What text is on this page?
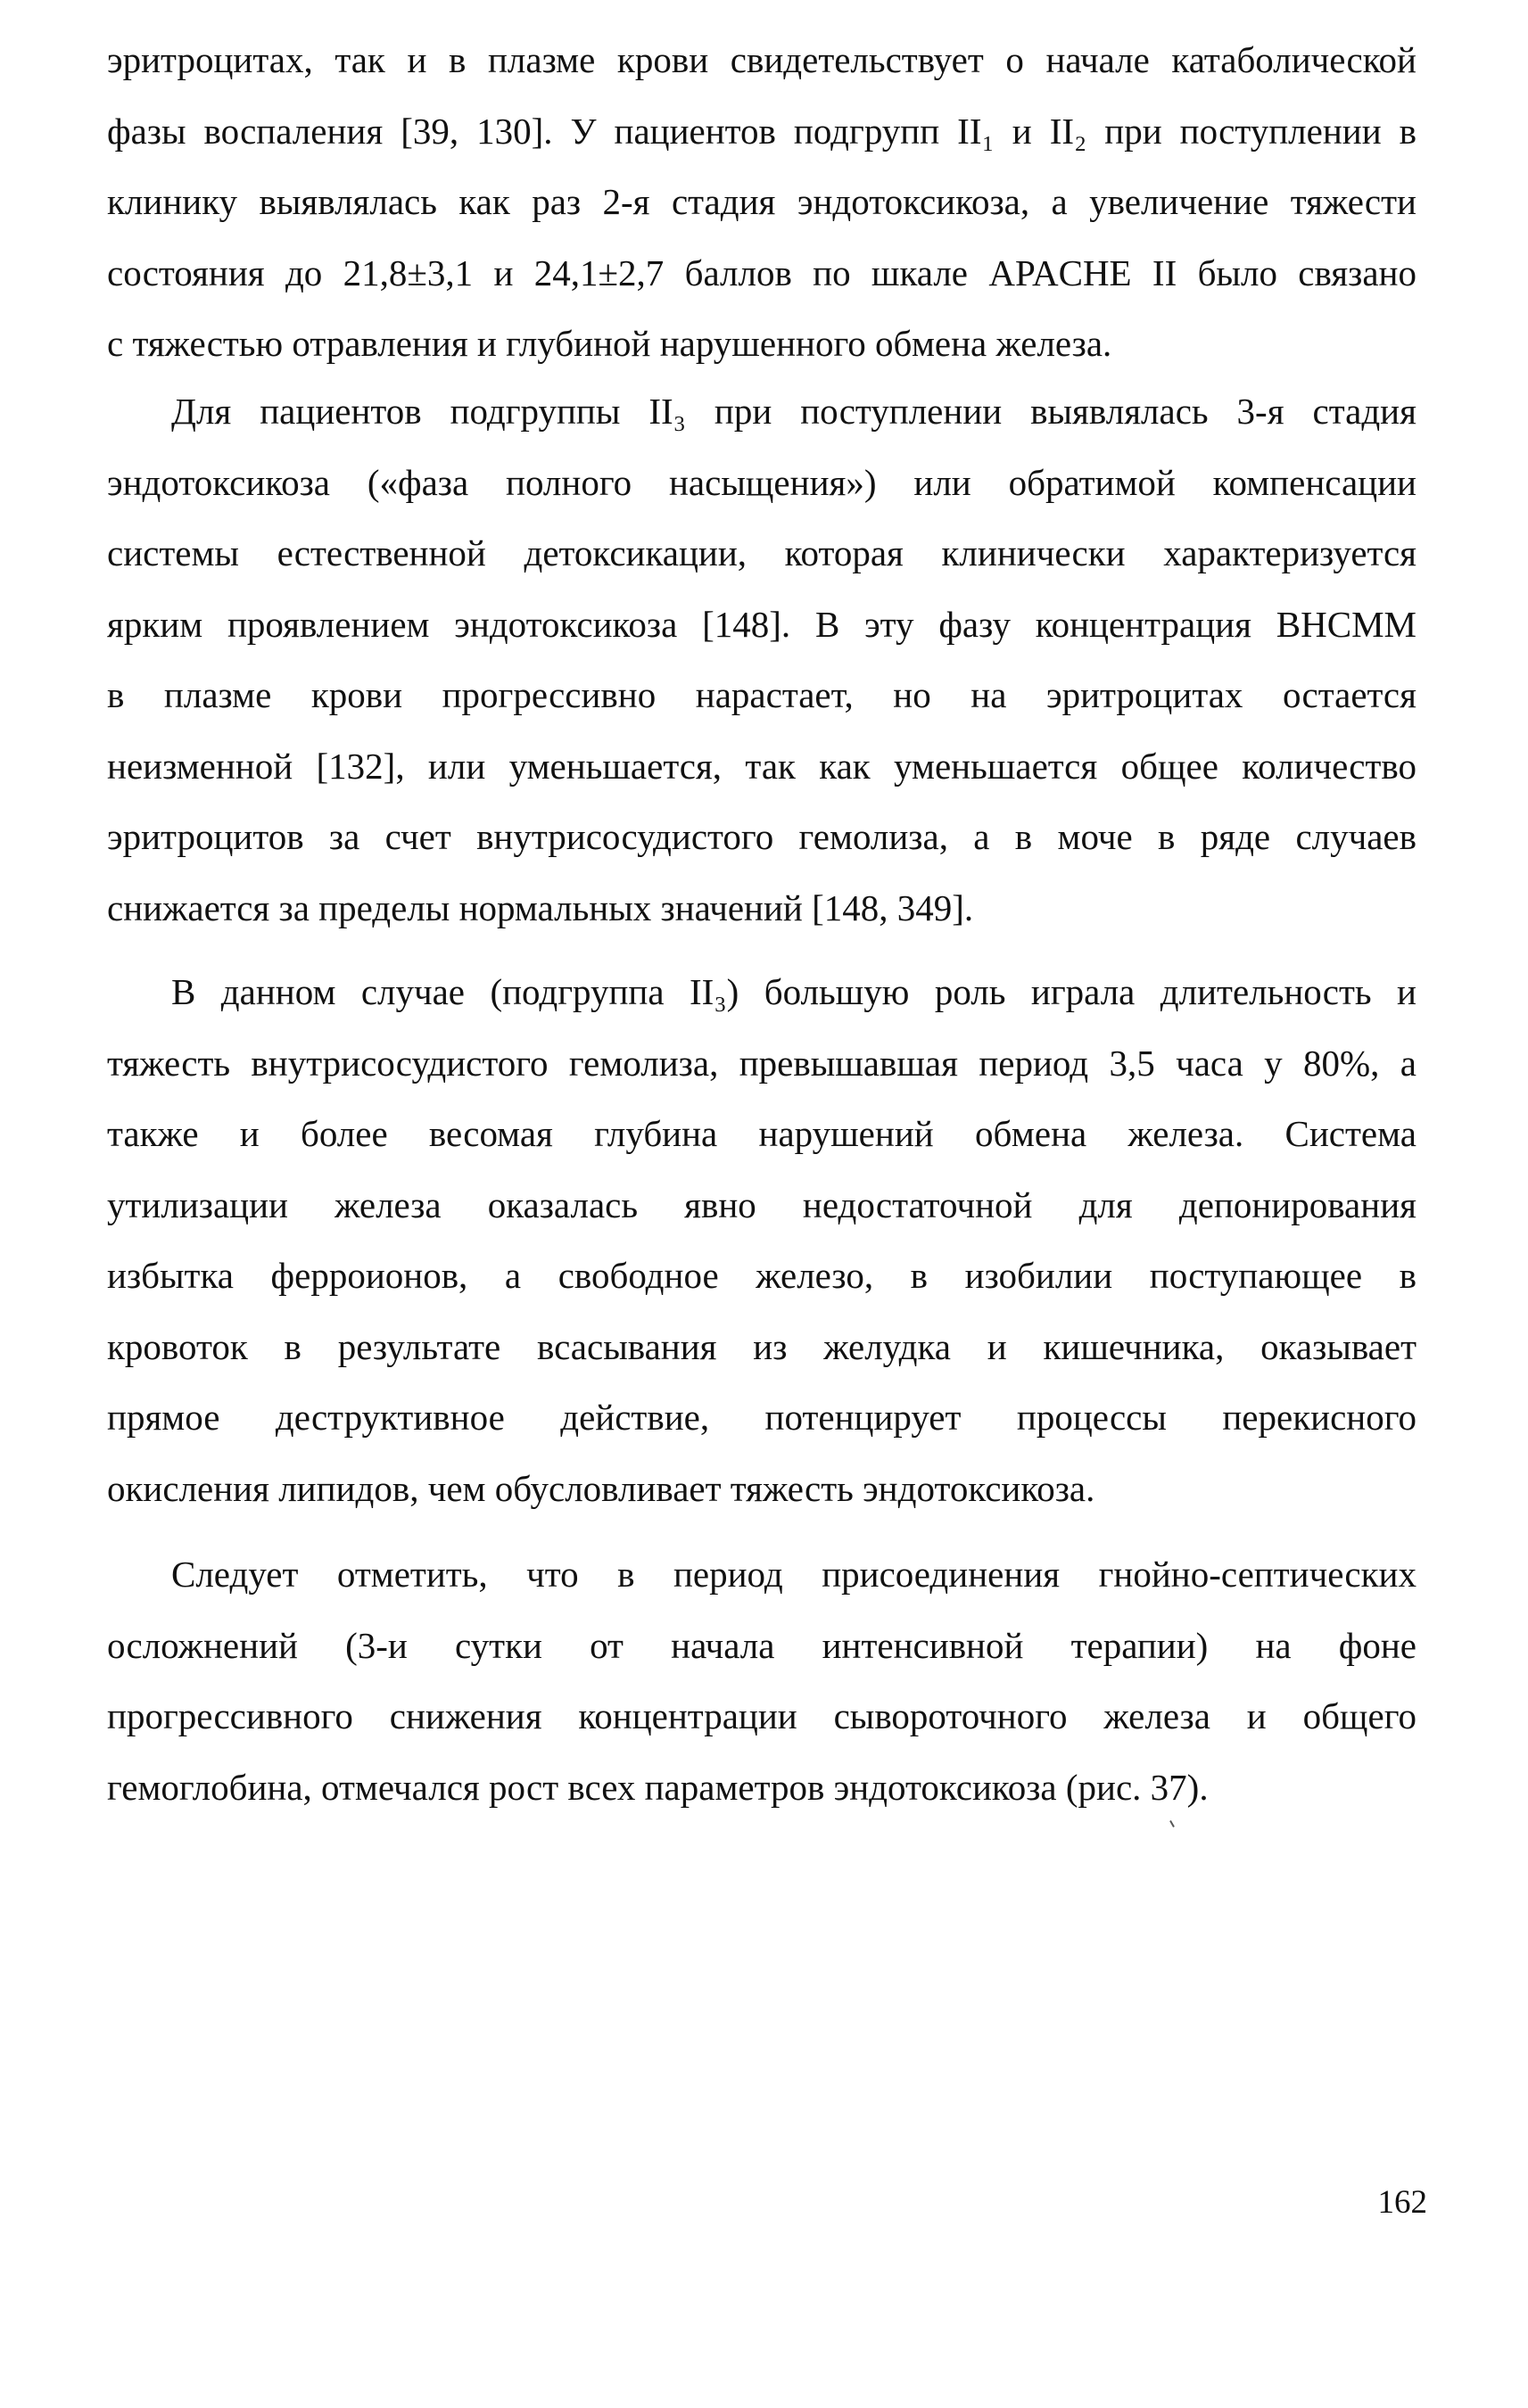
эритроцитах, так и в плазме крови свидетельствует о начале катаболической
фазы воспаления [39, 130]. У пациентов подгрупп II₁ и II₂ при поступлении в
клинику выявлялась как раз 2-я стадия эндотоксикоза, а увеличение тяжести
состояния до 21,8±3,1 и 24,1±2,7 баллов по шкале APACHE II было связано
с тяжестью отравления и глубиной нарушенного обмена железа.
Для пациентов подгруппы II₃ при поступлении выявлялась 3-я стадия
эндотоксикоза («фаза полного насыщения») или обратимой компенсации
системы естественной детоксикации, которая клинически характеризуется
ярким проявлением эндотоксикоза [148]. В эту фазу концентрация ВНСММ
в плазме крови прогрессивно нарастает, но на эритроцитах остается
неизменной [132], или уменьшается, так как уменьшается общее количество
эритроцитов за счет внутрисосудистого гемолиза, а в моче в ряде случаев
снижается за пределы нормальных значений [148, 349].
В данном случае (подгруппа II₃) большую роль играла длительность и
тяжесть внутрисосудистого гемолиза, превышавшая период 3,5 часа у 80%, а
также и более весомая глубина нарушений обмена железа. Система
утилизации железа оказалась явно недостаточной для депонирования
избытка ферроионов, а свободное железо, в изобилии поступающее в
кровоток в результате всасывания из желудка и кишечника, оказывает
прямое деструктивное действие, потенцирует процессы перекисного
окисления липидов, чем обусловливает тяжесть эндотоксикоза.
Следует отметить, что в период присоединения гнойно-септических
осложнений (3-и сутки от начала интенсивной терапии) на фоне
прогрессивного снижения концентрации сывороточного железа и общего
гемоглобина, отмечался рост всех параметров эндотоксикоза (рис. 37).
162
